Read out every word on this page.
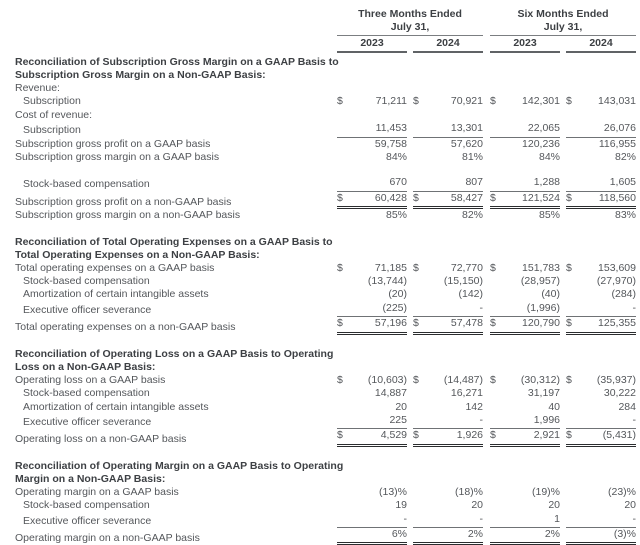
Three Months Ended
July 31,
2023	2024
Six Months Ended
July 31,
2023	2024
Reconciliation of Subscription Gross Margin on a GAAP Basis to Subscription Gross Margin on a Non-GAAP Basis:
Revenue:
Subscription	$	71,211 $	70,921 $ 142,301 $ 143,031
Cost of revenue:
Subscription	11,453	13,301	22,065	26,076
Subscription gross profit on a GAAP basis	59,758	57,620	120,236	116,955
Subscription gross margin on a GAAP basis	84%	81%	84%	82%
Stock-based compensation	670	807	1,288	1,605
Subscription gross profit on a non-GAAP basis	$	60,428 $	58,427 $ 121,524 $	118,560
Subscription gross margin on a non-GAAP basis	85%	82%	85%	83%
Reconciliation of Total Operating Expenses on a GAAP Basis to Total Operating Expenses on a Non-GAAP Basis:
Total operating expenses on a GAAP basis	$	71,185 $	72,770 $ 151,783 $ 153,609
Stock-based compensation	(13,744)	(15,150)	(28,957)	(27,970)
Amortization of certain intangible assets	(20)	(142)	(40)	(284)
Executive officer severance	(225)	-	(1,996)	-
Total operating expenses on a non-GAAP basis	$	57,196 $	57,478 $ 120,790 $ 125,355
Reconciliation of Operating Loss on a GAAP Basis to Operating Loss on a Non-GAAP Basis:
Operating loss on a GAAP basis	$ (10,603) $ (14,487) $ (30,312) $ (35,937)
Stock-based compensation	14,887	16,271	31,197	30,222
Amortization of certain intangible assets	20	142	40	284
Executive officer severance	225	-	1,996	-
Operating loss on a non-GAAP basis	$	4,529 $	1,926 $	2,921 $	(5,431)
Reconciliation of Operating Margin on a GAAP Basis to Operating Margin on a Non-GAAP Basis:
Operating margin on a GAAP basis	(13)%	(18)%	(19)%	(23)%
Stock-based compensation	19	20	20	20
Executive officer severance	-	-	1	-
Operating margin on a non-GAAP basis	6%	2%	2%	(3)%
